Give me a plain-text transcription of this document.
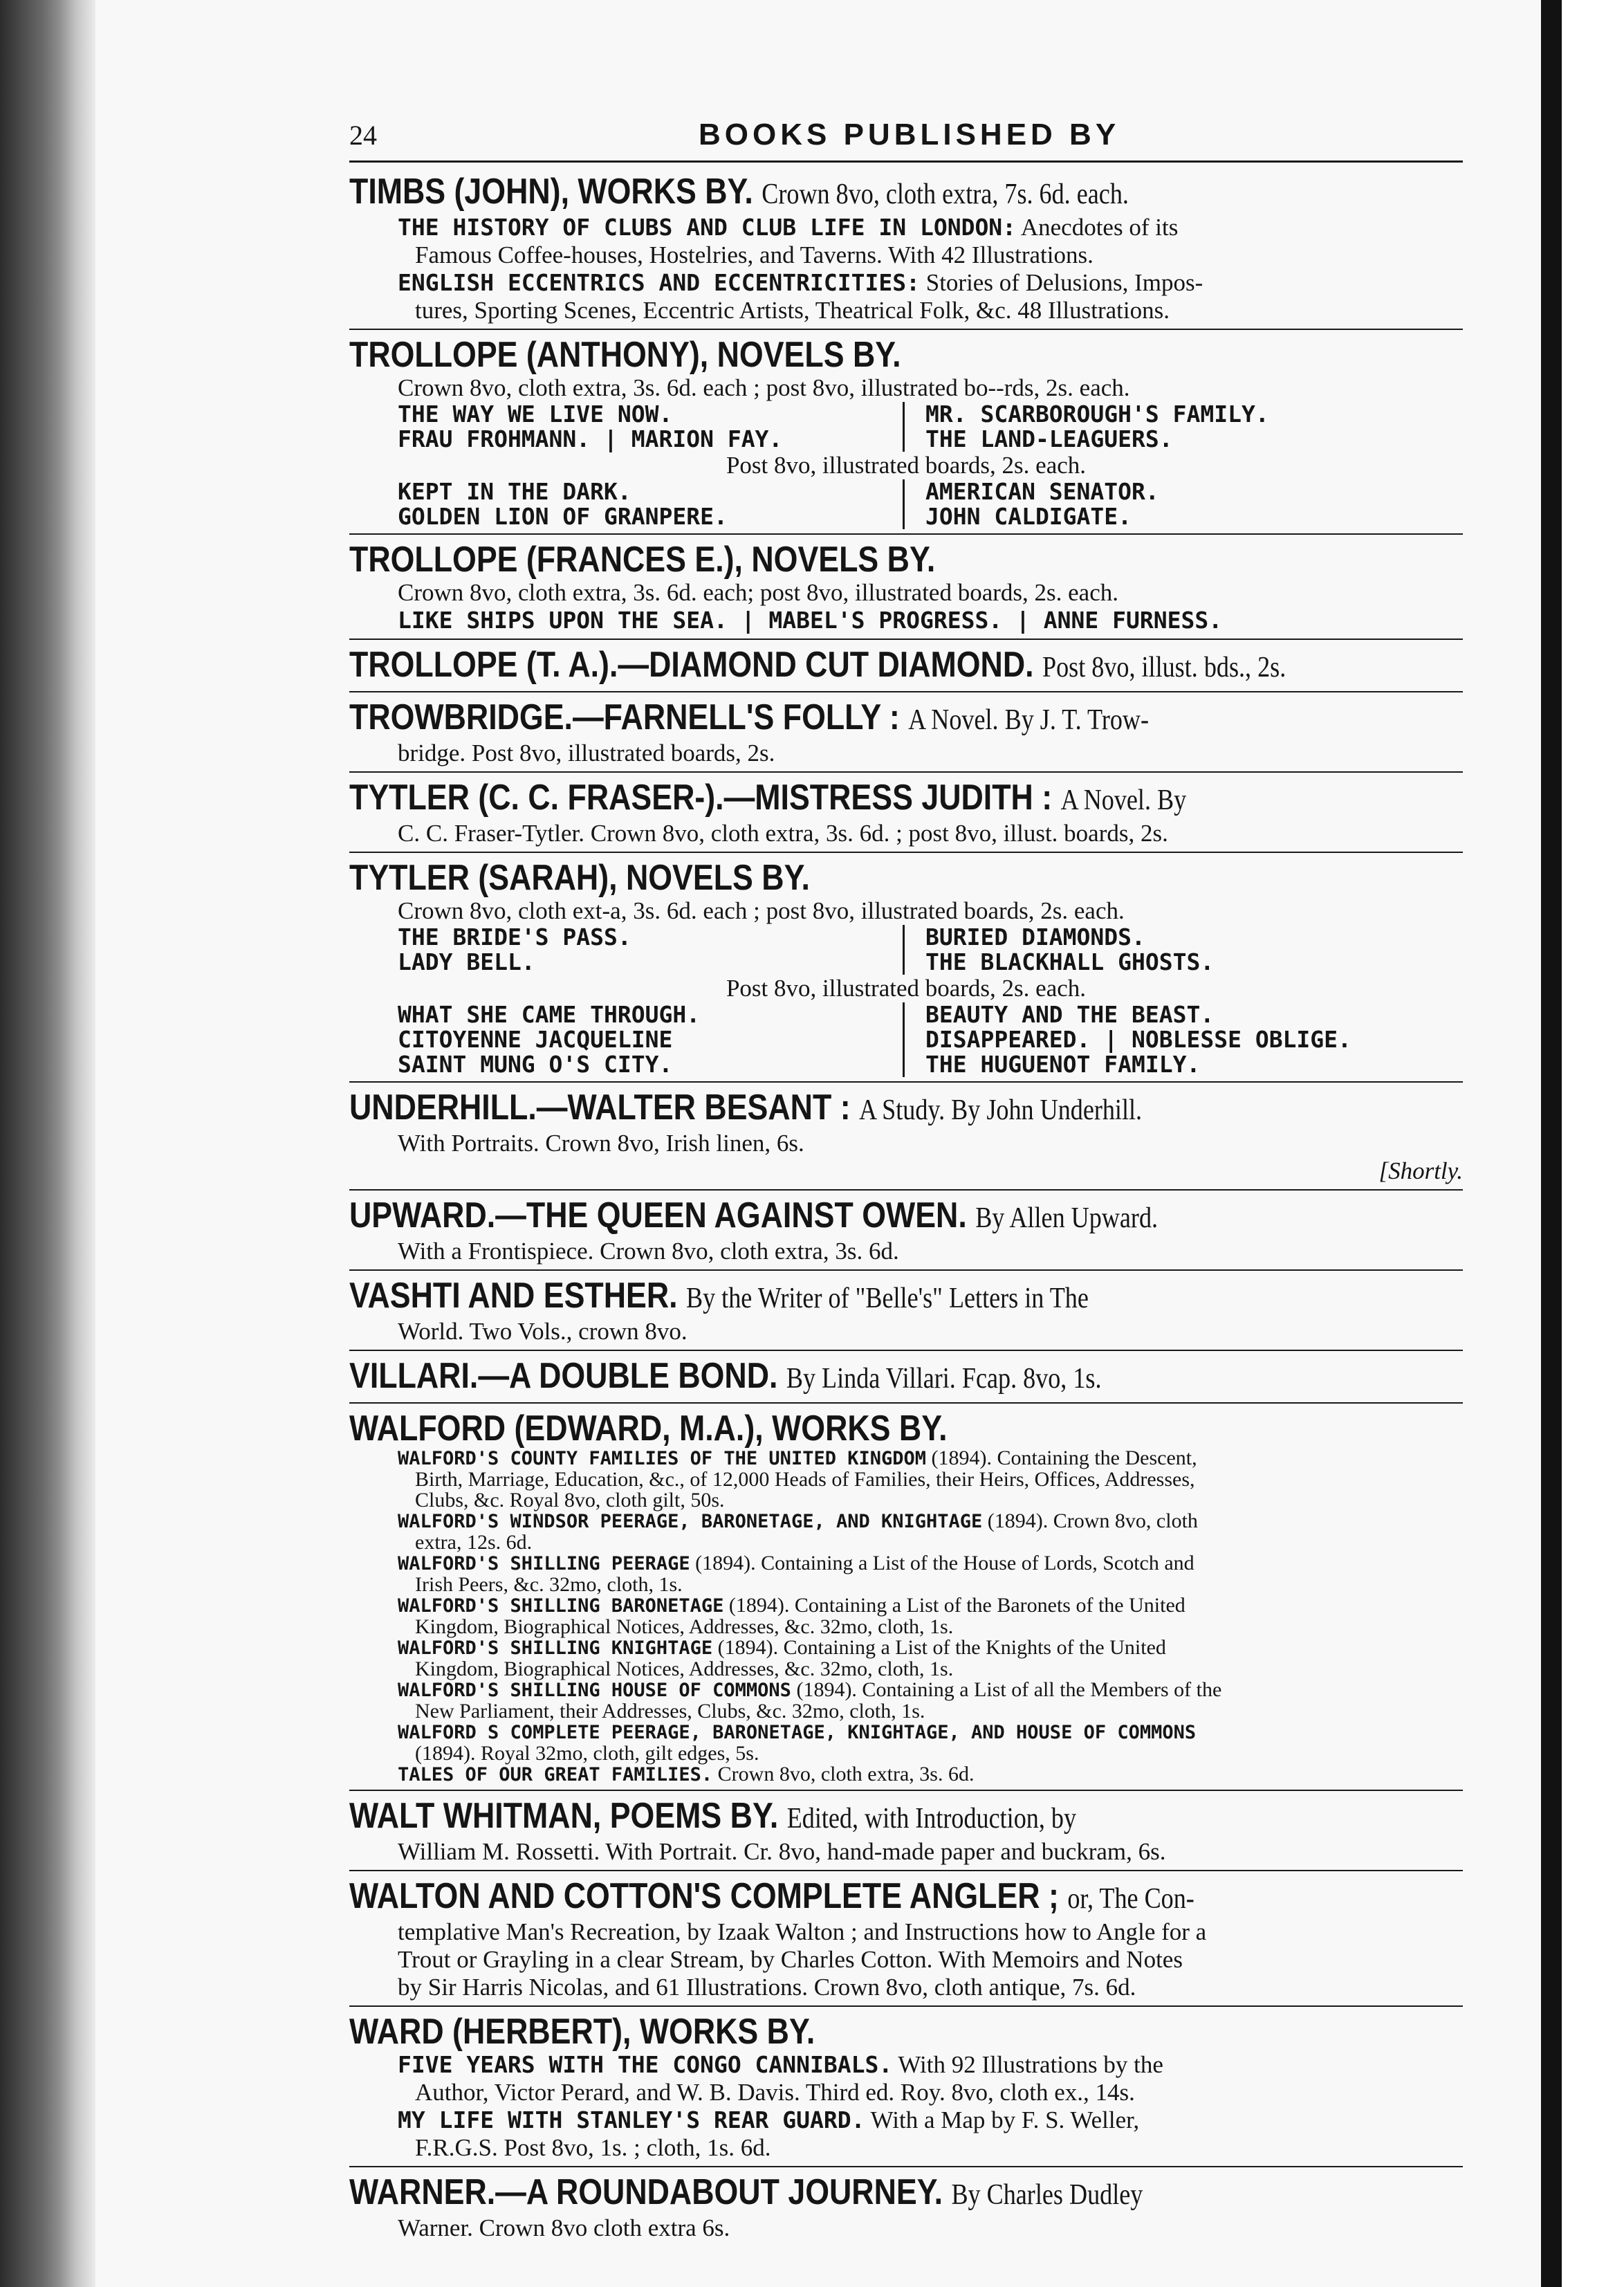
24	BOOKS PUBLISHED BY
TIMBS (JOHN), WORKS BY. Crown 8vo, cloth extra, 7s. 6d. each.
THE HISTORY OF CLUBS AND CLUB LIFE IN LONDON: Anecdotes of its
Famous Coffee-houses, Hostelries, and Taverns. With 42 Illustrations.
ENGLISH ECCENTRICS AND ECCENTRICITIES: Stories of Delusions, Impos-
tures, Sporting Scenes, Eccentric Artists, Theatrical Folk, &c. 48 Illustrations.
TROLLOPE (ANTHONY), NOVELS BY.
Crown 8vo, cloth extra, 3s. 6d. each ; post 8vo, illustrated bo--rds, 2s. each.
THE WAY WE LIVE NOW.
FRAU FROHMANN. | MARION FAY.
MR. SCARBOROUGH'S FAMILY.
THE LAND-LEAGUERS.
Post 8vo, illustrated boards, 2s. each.
KEPT IN THE DARK.
GOLDEN LION OF GRANPERE.
AMERICAN SENATOR.
JOHN CALDIGATE.
TROLLOPE (FRANCES E.), NOVELS BY.
Crown 8vo, cloth extra, 3s. 6d. each; post 8vo, illustrated boards, 2s. each.
LIKE SHIPS UPON THE SEA. | MABEL'S PROGRESS. | ANNE FURNESS.
TROLLOPE (T. A.).—DIAMOND CUT DIAMOND. Post 8vo, illust. bds., 2s.
TROWBRIDGE.—FARNELL'S FOLLY : A Novel. By J. T. Trow-
bridge. Post 8vo, illustrated boards, 2s.
TYTLER (C. C. FRASER-).—MISTRESS JUDITH : A Novel. By
C. C. Fraser-Tytler. Crown 8vo, cloth extra, 3s. 6d. ; post 8vo, illust. boards, 2s.
TYTLER (SARAH), NOVELS BY.
Crown 8vo, cloth ext-a, 3s. 6d. each ; post 8vo, illustrated boards, 2s. each.
THE BRIDE'S PASS.
LADY BELL.
BURIED DIAMONDS.
THE BLACKHALL GHOSTS.
Post 8vo, illustrated boards, 2s. each.
WHAT SHE CAME THROUGH.
CITOYENNE JACQUELINE
SAINT MUNG O'S CITY.
BEAUTY AND THE BEAST.
DISAPPEARED. | NOBLESSE OBLIGE.
THE HUGUENOT FAMILY.
UNDERHILL.—WALTER BESANT : A Study. By John Underhill.
With Portraits. Crown 8vo, Irish linen, 6s.
[Shortly.
UPWARD.—THE QUEEN AGAINST OWEN. By Allen Upward.
With a Frontispiece. Crown 8vo, cloth extra, 3s. 6d.
VASHTI AND ESTHER. By the Writer of "Belle's" Letters in The
World. Two Vols., crown 8vo.
VILLARI.—A DOUBLE BOND. By Linda Villari. Fcap. 8vo, 1s.
WALFORD (EDWARD, M.A.), WORKS BY.
WALFORD'S COUNTY FAMILIES OF THE UNITED KINGDOM (1894). Containing the Descent,
Birth, Marriage, Education, &c., of 12,000 Heads of Families, their Heirs, Offices, Addresses,
Clubs, &c. Royal 8vo, cloth gilt, 50s.
WALFORD'S WINDSOR PEERAGE, BARONETAGE, AND KNIGHTAGE (1894). Crown 8vo, cloth
extra, 12s. 6d.
WALFORD'S SHILLING PEERAGE (1894). Containing a List of the House of Lords, Scotch and
Irish Peers, &c. 32mo, cloth, 1s.
WALFORD'S SHILLING BARONETAGE (1894). Containing a List of the Baronets of the United
Kingdom, Biographical Notices, Addresses, &c. 32mo, cloth, 1s.
WALFORD'S SHILLING KNIGHTAGE (1894). Containing a List of the Knights of the United
Kingdom, Biographical Notices, Addresses, &c. 32mo, cloth, 1s.
WALFORD'S SHILLING HOUSE OF COMMONS (1894). Containing a List of all the Members of the
New Parliament, their Addresses, Clubs, &c. 32mo, cloth, 1s.
WALFORD S COMPLETE PEERAGE, BARONETAGE, KNIGHTAGE, AND HOUSE OF COMMONS
(1894). Royal 32mo, cloth, gilt edges, 5s.
TALES OF OUR GREAT FAMILIES. Crown 8vo, cloth extra, 3s. 6d.
WALT WHITMAN, POEMS BY. Edited, with Introduction, by
William M. Rossetti. With Portrait. Cr. 8vo, hand-made paper and buckram, 6s.
WALTON AND COTTON'S COMPLETE ANGLER ; or, The Con-
templative Man's Recreation, by Izaak Walton ; and Instructions how to Angle for a
Trout or Grayling in a clear Stream, by Charles Cotton. With Memoirs and Notes
by Sir Harris Nicolas, and 61 Illustrations. Crown 8vo, cloth antique, 7s. 6d.
WARD (HERBERT), WORKS BY.
FIVE YEARS WITH THE CONGO CANNIBALS. With 92 Illustrations by the
Author, Victor Perard, and W. B. Davis. Third ed. Roy. 8vo, cloth ex., 14s.
MY LIFE WITH STANLEY'S REAR GUARD. With a Map by F. S. Weller,
F.R.G.S. Post 8vo, 1s. ; cloth, 1s. 6d.
WARNER.—A ROUNDABOUT JOURNEY. By Charles Dudley
Warner. Crown 8vo cloth extra 6s.
